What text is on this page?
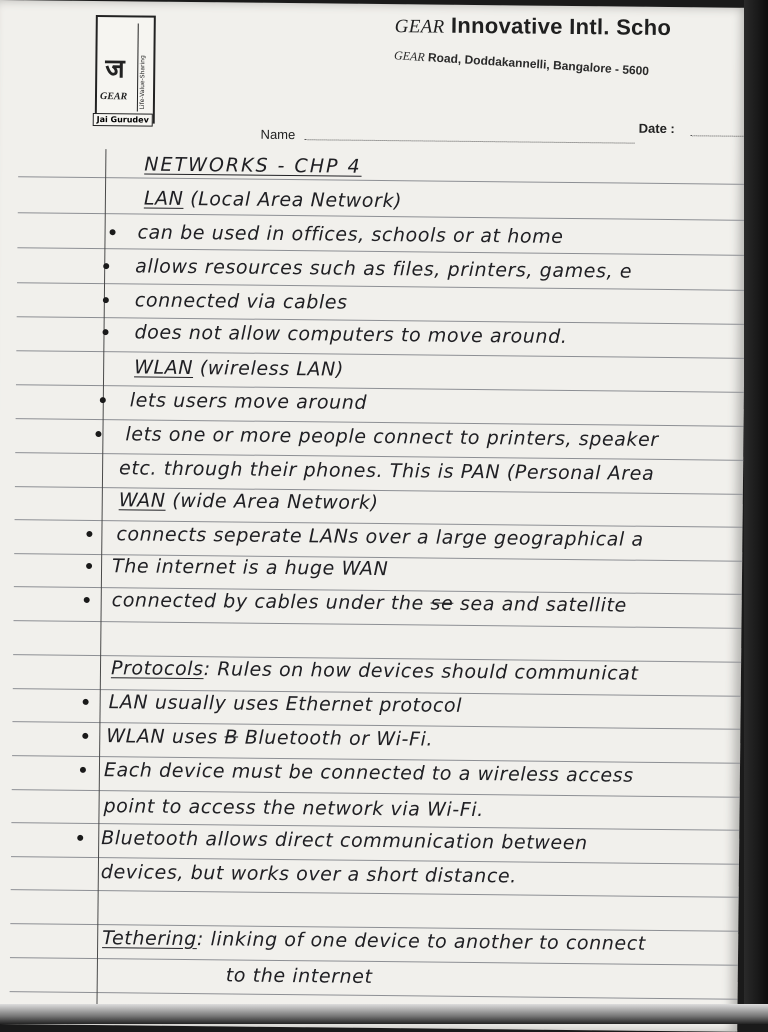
ज
GEAR Life-Value-Sharing
Jai Gurudev
GEAR Innovative Intl. Scho
GEAR Road, Doddakannelli, Bangalore - 5600
Name	Date :
NETWORKS - CHP 4
LAN (Local Area Network)
can be used in offices, schools or at home
allows resources such as files, printers, games, e
connected via cables
does not allow computers to move around.
WLAN (wireless LAN)
lets users move around
lets one or more people connect to printers, speaker
etc. through their phones. This is PAN (Personal Area
WAN (wide Area Network)
connects seperate LANs over a large geographical a
The internet is a huge WAN
connected by cables under the se sea and satellite
Protocols: Rules on how devices should communicat
LAN usually uses Ethernet protocol
WLAN uses B Bluetooth or Wi-Fi.
Each device must be connected to a wireless access
point to access the network via Wi-Fi.
Bluetooth allows direct communication between
devices, but works over a short distance.
Tethering: linking of one device to another to connect
to the internet
